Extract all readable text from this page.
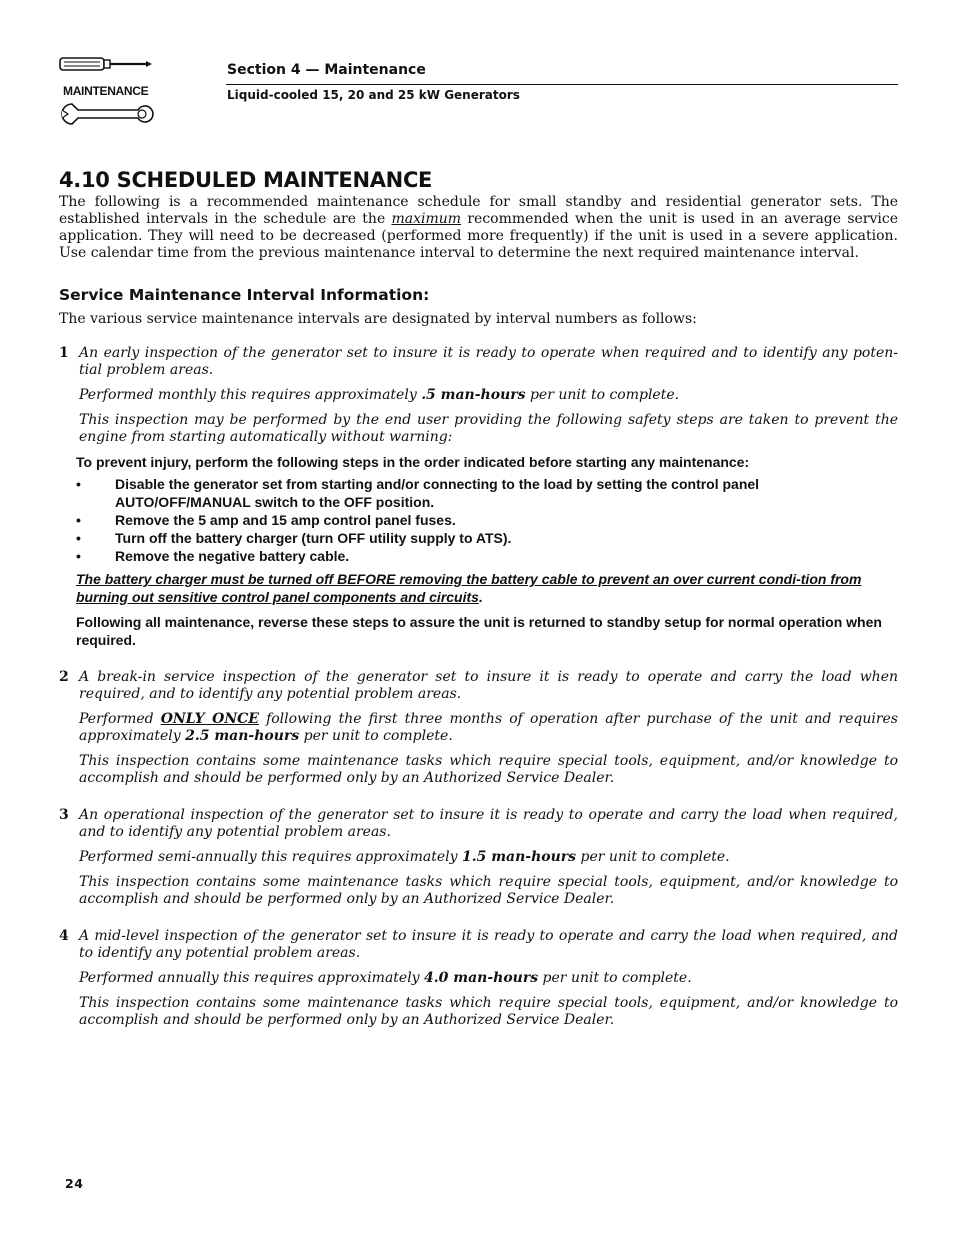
MAINTENANCE
Section 4 — Maintenance
Liquid-cooled 15, 20 and 25 kW Generators
4.10 SCHEDULED MAINTENANCE

The following is a recommended maintenance schedule for small standby and residential generator sets. The established intervals in the schedule are the maximum recommended when the unit is used in an average service application. They will need to be decreased (performed more frequently) if the unit is used in a severe application. Use calendar time from the previous maintenance interval to determine the next required maintenance interval.

Service Maintenance Interval Information:

The various service maintenance intervals are designated by interval numbers as follows:

1 An early inspection of the generator set to insure it is ready to operate when required and to identify any poten-tial problem areas.

Performed monthly this requires approximately .5 man-hours per unit to complete.

This inspection may be performed by the end user providing the following safety steps are taken to prevent the engine from starting automatically without warning:

To prevent injury, perform the following steps in the order indicated before starting any maintenance:

• Disable the generator set from starting and/or connecting to the load by setting the control panel AUTO/OFF/MANUAL switch to the OFF position.
• Remove the 5 amp and 15 amp control panel fuses.
• Turn off the battery charger (turn OFF utility supply to ATS).
• Remove the negative battery cable.

The battery charger must be turned off BEFORE removing the battery cable to prevent an over current condi-tion from burning out sensitive control panel components and circuits.

Following all maintenance, reverse these steps to assure the unit is returned to standby setup for normal operation when required.

2 A break-in service inspection of the generator set to insure it is ready to operate and carry the load when required, and to identify any potential problem areas.

Performed ONLY ONCE following the first three months of operation after purchase of the unit and requires approximately 2.5 man-hours per unit to complete.

This inspection contains some maintenance tasks which require special tools, equipment, and/or knowledge to accomplish and should be performed only by an Authorized Service Dealer.

3 An operational inspection of the generator set to insure it is ready to operate and carry the load when required, and to identify any potential problem areas.

Performed semi-annually this requires approximately 1.5 man-hours per unit to complete.

This inspection contains some maintenance tasks which require special tools, equipment, and/or knowledge to accomplish and should be performed only by an Authorized Service Dealer.

4 A mid-level inspection of the generator set to insure it is ready to operate and carry the load when required, and to identify any potential problem areas.

Performed annually this requires approximately 4.0 man-hours per unit to complete.

This inspection contains some maintenance tasks which require special tools, equipment, and/or knowledge to accomplish and should be performed only by an Authorized Service Dealer.

24
